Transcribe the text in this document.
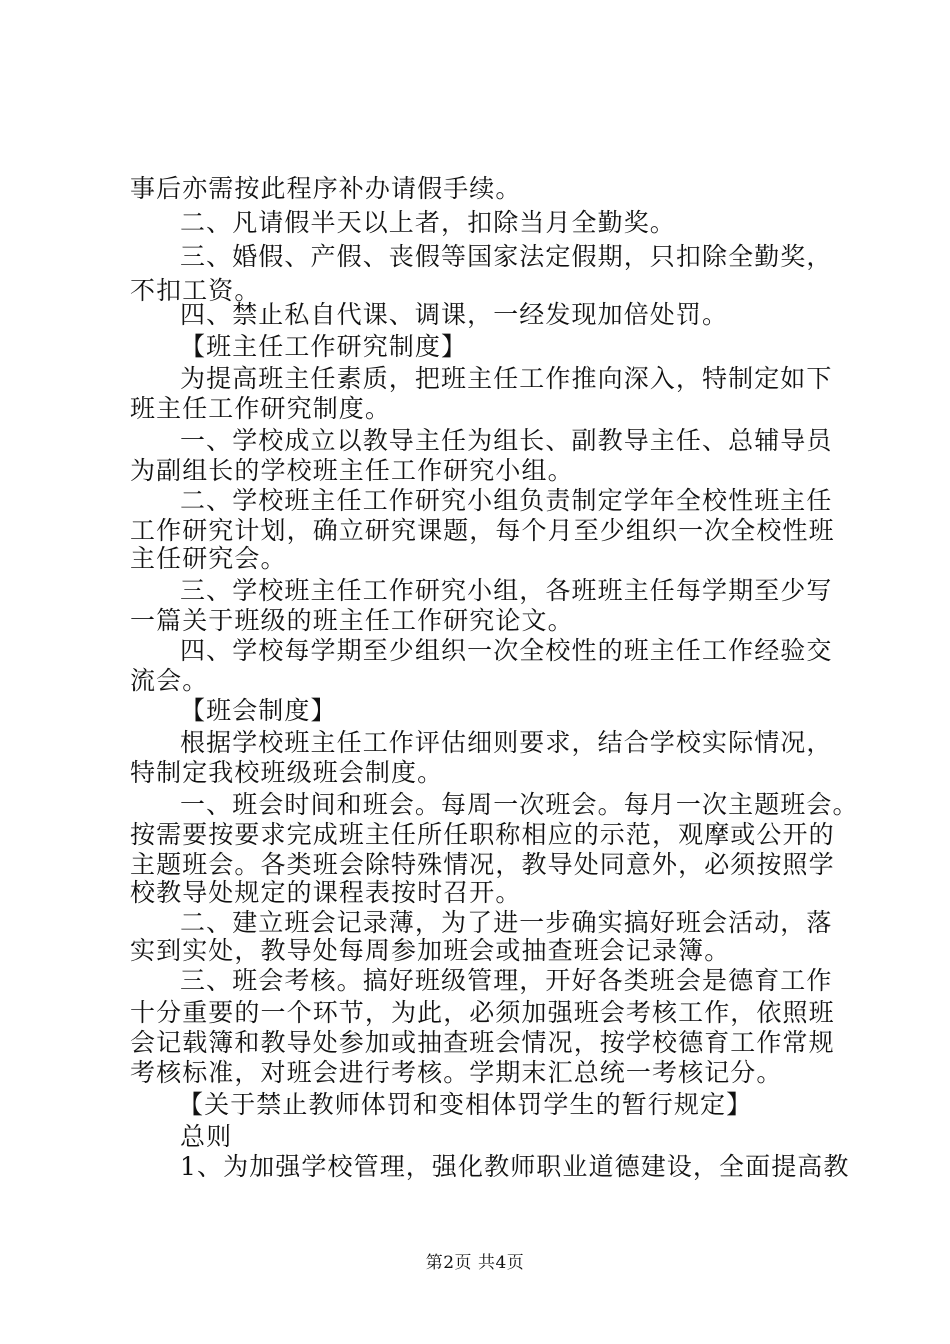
事后亦需按此程序补办请假手续。
二、凡请假半天以上者，扣除当月全勤奖。
三、婚假、产假、丧假等国家法定假期，只扣除全勤奖，
不扣工资。
四、禁止私自代课、调课，一经发现加倍处罚。
【班主任工作研究制度】
为提高班主任素质，把班主任工作推向深入，特制定如下
班主任工作研究制度。
一、学校成立以教导主任为组长、副教导主任、总辅导员
为副组长的学校班主任工作研究小组。
二、学校班主任工作研究小组负责制定学年全校性班主任
工作研究计划，确立研究课题，每个月至少组织一次全校性班
主任研究会。
三、学校班主任工作研究小组，各班班主任每学期至少写
一篇关于班级的班主任工作研究论文。
四、学校每学期至少组织一次全校性的班主任工作经验交
流会。
【班会制度】
根据学校班主任工作评估细则要求，结合学校实际情况，
特制定我校班级班会制度。
一、班会时间和班会。每周一次班会。每月一次主题班会。
按需要按要求完成班主任所任职称相应的示范，观摩或公开的
主题班会。各类班会除特殊情况，教导处同意外，必须按照学
校教导处规定的课程表按时召开。
二、建立班会记录薄，为了进一步确实搞好班会活动，落
实到实处，教导处每周参加班会或抽查班会记录簿。
三、班会考核。搞好班级管理，开好各类班会是德育工作
十分重要的一个环节，为此，必须加强班会考核工作，依照班
会记载簿和教导处参加或抽查班会情况，按学校德育工作常规
考核标准，对班会进行考核。学期末汇总统一考核记分。
【关于禁止教师体罚和变相体罚学生的暂行规定】
总则
1、为加强学校管理，强化教师职业道德建设，全面提高教
第2页 共4页
